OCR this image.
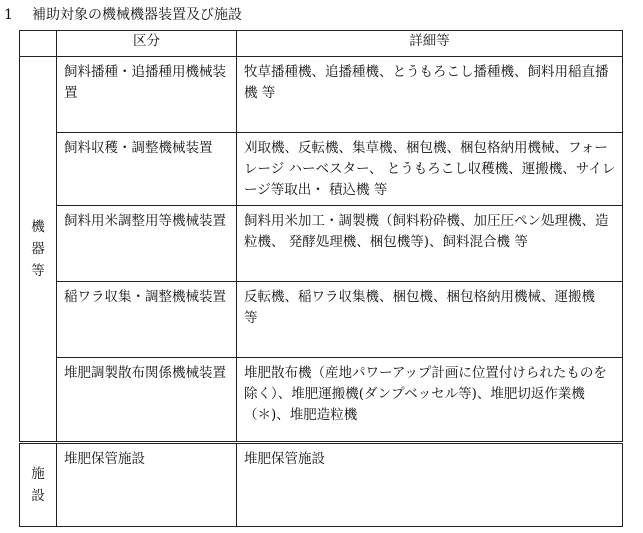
1 補助対象の機械機器装置及び施設
	区分	詳細等

機
器
等	飼料播種・追播種用機械装置	牧草播種機、追播種機、とうもろこし播種機、飼料用稲直播機 等
	飼料収穫・調整機械装置	刈取機、反転機、集草機、梱包機、梱包格納用機械、フォーレージ ハーベスター、 とうもろこし収穫機、運搬機、サイレージ等取出・ 積込機 等
	飼料用米調整用等機械装置	飼料用米加工・調製機（飼料粉砕機、加圧圧ペン処理機、造粒機、 発酵処理機、梱包機等)、飼料混合機 等
	稲ワラ収集・調整機械装置	反転機、稲ワラ収集機、梱包機、梱包格納用機械、運搬機　等
	堆肥調製散布関係機械装置	堆肥散布機（産地パワーアップ計画に位置付けられたものを除く）、堆肥運搬機(ダンプベッセル等)、堆肥切返作業機（＊)、堆肥造粒機

施
設	堆肥保管施設	堆肥保管施設
